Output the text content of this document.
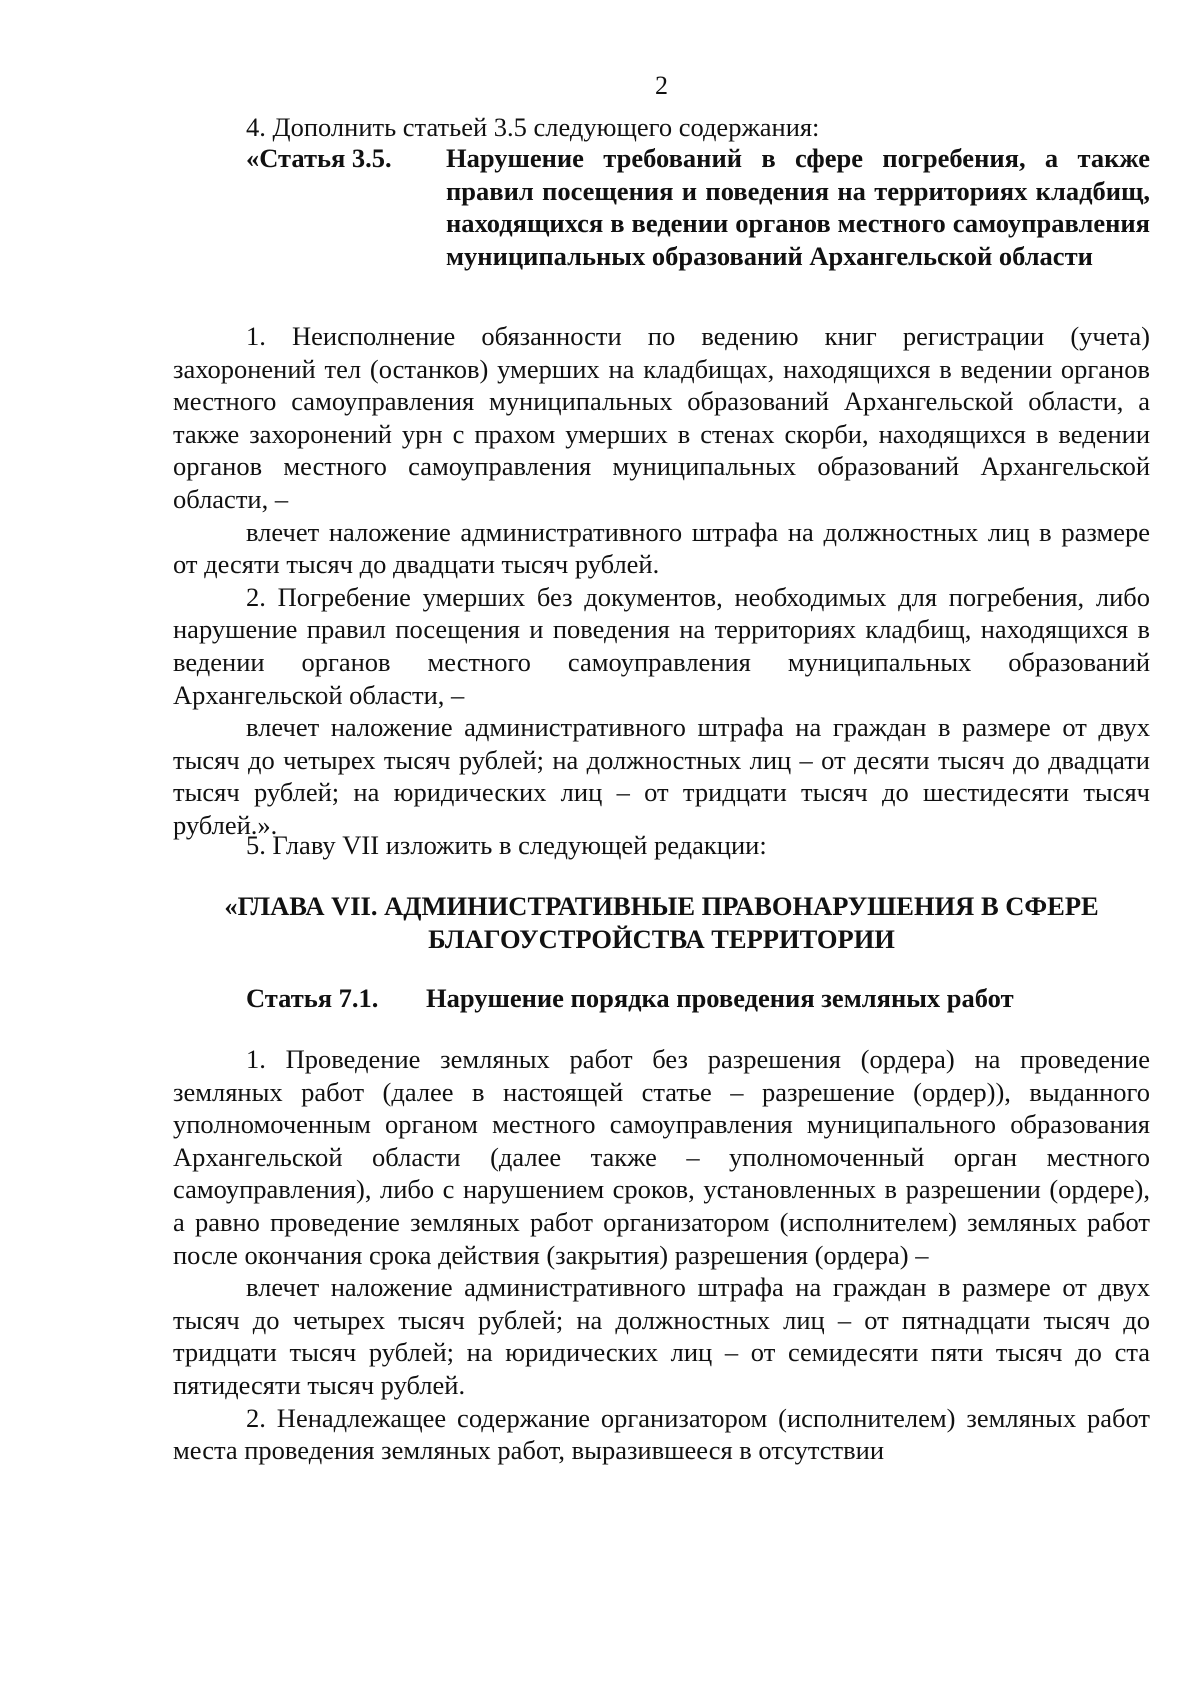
2

4. Дополнить статьей 3.5 следующего содержания:

«Статья 3.5. Нарушение требований в сфере погребения, а также правил посещения и поведения на территориях кладбищ, находящихся в ведении органов местного самоуправления муниципальных образований Архангельской области

1. Неисполнение обязанности по ведению книг регистрации (учета) захоронений тел (останков) умерших на кладбищах, находящихся в ведении органов местного самоуправления муниципальных образований Архангельской области, а также захоронений урн с прахом умерших в стенах скорби, находящихся в ведении органов местного самоуправления муниципальных образований Архангельской области, –

влечет наложение административного штрафа на должностных лиц в размере от десяти тысяч до двадцати тысяч рублей.

2. Погребение умерших без документов, необходимых для погребения, либо нарушение правил посещения и поведения на территориях кладбищ, находящихся в ведении органов местного самоуправления муниципальных образований Архангельской области, –

влечет наложение административного штрафа на граждан в размере от двух тысяч до четырех тысяч рублей; на должностных лиц – от десяти тысяч до двадцати тысяч рублей; на юридических лиц – от тридцати тысяч до шестидесяти тысяч рублей.».

5. Главу VII изложить в следующей редакции:

«ГЛАВА VII. АДМИНИСТРАТИВНЫЕ ПРАВОНАРУШЕНИЯ В СФЕРЕ
БЛАГОУСТРОЙСТВА ТЕРРИТОРИИ
Статья 7.1. Нарушение порядка проведения земляных работ

1. Проведение земляных работ без разрешения (ордера) на проведение земляных работ (далее в настоящей статье – разрешение (ордер)), выданного уполномоченным органом местного самоуправления муниципального образования Архангельской области (далее также – уполномоченный орган местного самоуправления), либо с нарушением сроков, установленных в разрешении (ордере), а равно проведение земляных работ организатором (исполнителем) земляных работ после окончания срока действия (закрытия) разрешения (ордера) –

влечет наложение административного штрафа на граждан в размере от двух тысяч до четырех тысяч рублей; на должностных лиц – от пятнадцати тысяч до тридцати тысяч рублей; на юридических лиц – от семидесяти пяти тысяч до ста пятидесяти тысяч рублей.

2. Ненадлежащее содержание организатором (исполнителем) земляных работ места проведения земляных работ, выразившееся в отсутствии
